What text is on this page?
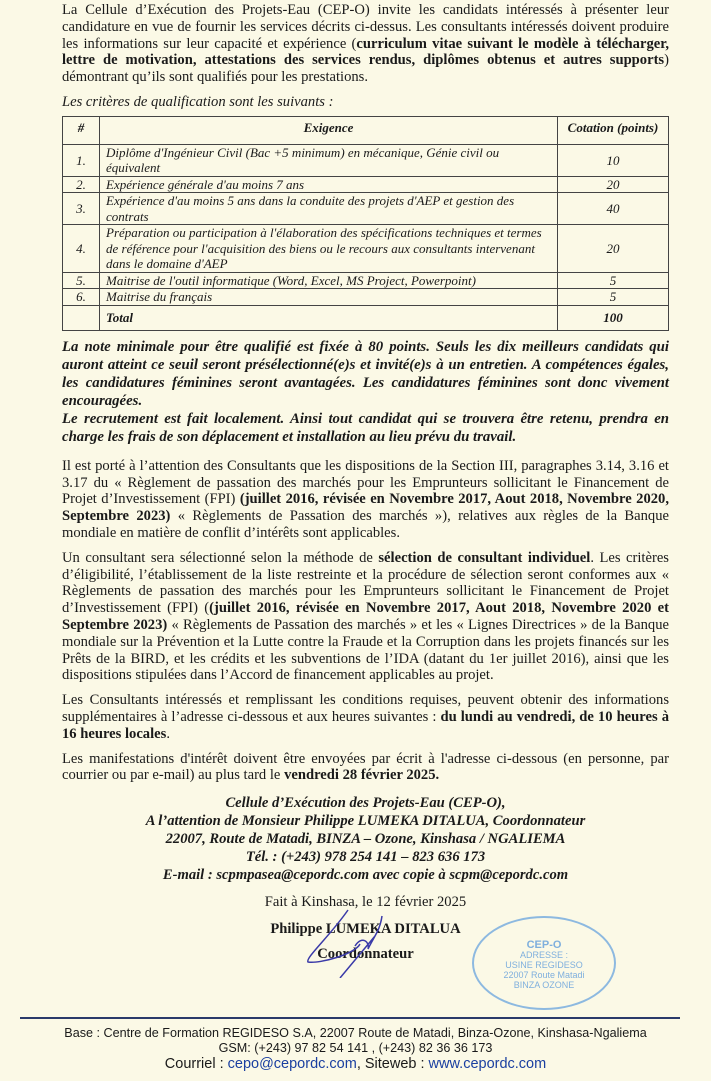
La Cellule d’Exécution des Projets-Eau (CEP-O) invite les candidats intéressés à présenter leur candidature en vue de fournir les services décrits ci-dessus. Les consultants intéressés doivent produire les informations sur leur capacité et expérience (curriculum vitae suivant le modèle à télécharger, lettre de motivation, attestations des services rendus, diplômes obtenus et autres supports) démontrant qu’ils sont qualifiés pour les prestations.

Les critères de qualification sont les suivants :

#	Exigence	Cotation (points)
1.	Diplôme d'Ingénieur Civil (Bac +5 minimum) en mécanique, Génie civil ou équivalent	10
2.	Expérience générale d'au moins 7 ans	20
3.	Expérience d'au moins 5 ans dans la conduite des projets d'AEP et gestion des contrats	40
4.	Préparation ou participation à l'élaboration des spécifications techniques et termes de référence pour l'acquisition des biens ou le recours aux consultants intervenant dans le domaine d'AEP	20
5.	Maitrise de l'outil informatique (Word, Excel, MS Project, Powerpoint)	5
6.	Maitrise du français	5
	Total	100

La note minimale pour être qualifié est fixée à 80 points. Seuls les dix meilleurs candidats qui auront atteint ce seuil seront présélectionné(e)s et invité(e)s à un entretien. A compétences égales, les candidatures féminines seront avantagées. Les candidatures féminines sont donc vivement encouragées.

Le recrutement est fait localement. Ainsi tout candidat qui se trouvera être retenu, prendra en charge les frais de son déplacement et installation au lieu prévu du travail.

Il est porté à l’attention des Consultants que les dispositions de la Section III, paragraphes 3.14, 3.16 et 3.17 du « Règlement de passation des marchés pour les Emprunteurs sollicitant le Financement de Projet d’Investissement (FPI) (juillet 2016, révisée en Novembre 2017, Aout 2018, Novembre 2020, Septembre 2023) « Règlements de Passation des marchés »), relatives aux règles de la Banque mondiale en matière de conflit d’intérêts sont applicables.

Un consultant sera sélectionné selon la méthode de sélection de consultant individuel. Les critères d’éligibilité, l’établissement de la liste restreinte et la procédure de sélection seront conformes aux « Règlements de passation des marchés pour les Emprunteurs sollicitant le Financement de Projet d’Investissement (FPI) ((juillet 2016, révisée en Novembre 2017, Aout 2018, Novembre 2020 et Septembre 2023) « Règlements de Passation des marchés » et les « Lignes Directrices » de la Banque mondiale sur la Prévention et la Lutte contre la Fraude et la Corruption dans les projets financés sur les Prêts de la BIRD, et les crédits et les subventions de l’IDA (datant du 1er juillet 2016), ainsi que les dispositions stipulées dans l’Accord de financement applicables au projet.

Les Consultants intéressés et remplissant les conditions requises, peuvent obtenir des informations supplémentaires à l’adresse ci-dessous et aux heures suivantes : du lundi au vendredi, de 10 heures à 16 heures locales.

Les manifestations d'intérêt doivent être envoyées par écrit à l'adresse ci-dessous (en personne, par courrier ou par e-mail) au plus tard le vendredi 28 février 2025.

Cellule d’Exécution des Projets-Eau (CEP-O),
A l’attention de Monsieur Philippe LUMEKA DITALUA, Coordonnateur
22007, Route de Matadi, BINZA – Ozone, Kinshasa / NGALIEMA
Tél. : (+243) 978 254 141 – 823 636 173
E-mail : scpmpasea@cepordc.com avec copie à scpm@cepordc.com
Fait à Kinshasa, le 12 février 2025
Philippe LUMEKA DITALUA
Coordonnateur
CEP-O
ADRESSE :
USINE REGIDESO
22007 Route Matadi
BINZA OZONE
Base : Centre de Formation REGIDESO S.A, 22007 Route de Matadi, Binza-Ozone, Kinshasa-Ngaliema
GSM: (+243) 97 82 54 141 , (+243) 82 36 36 173
Courriel : cepo@cepordc.com, Siteweb : www.cepordc.com
